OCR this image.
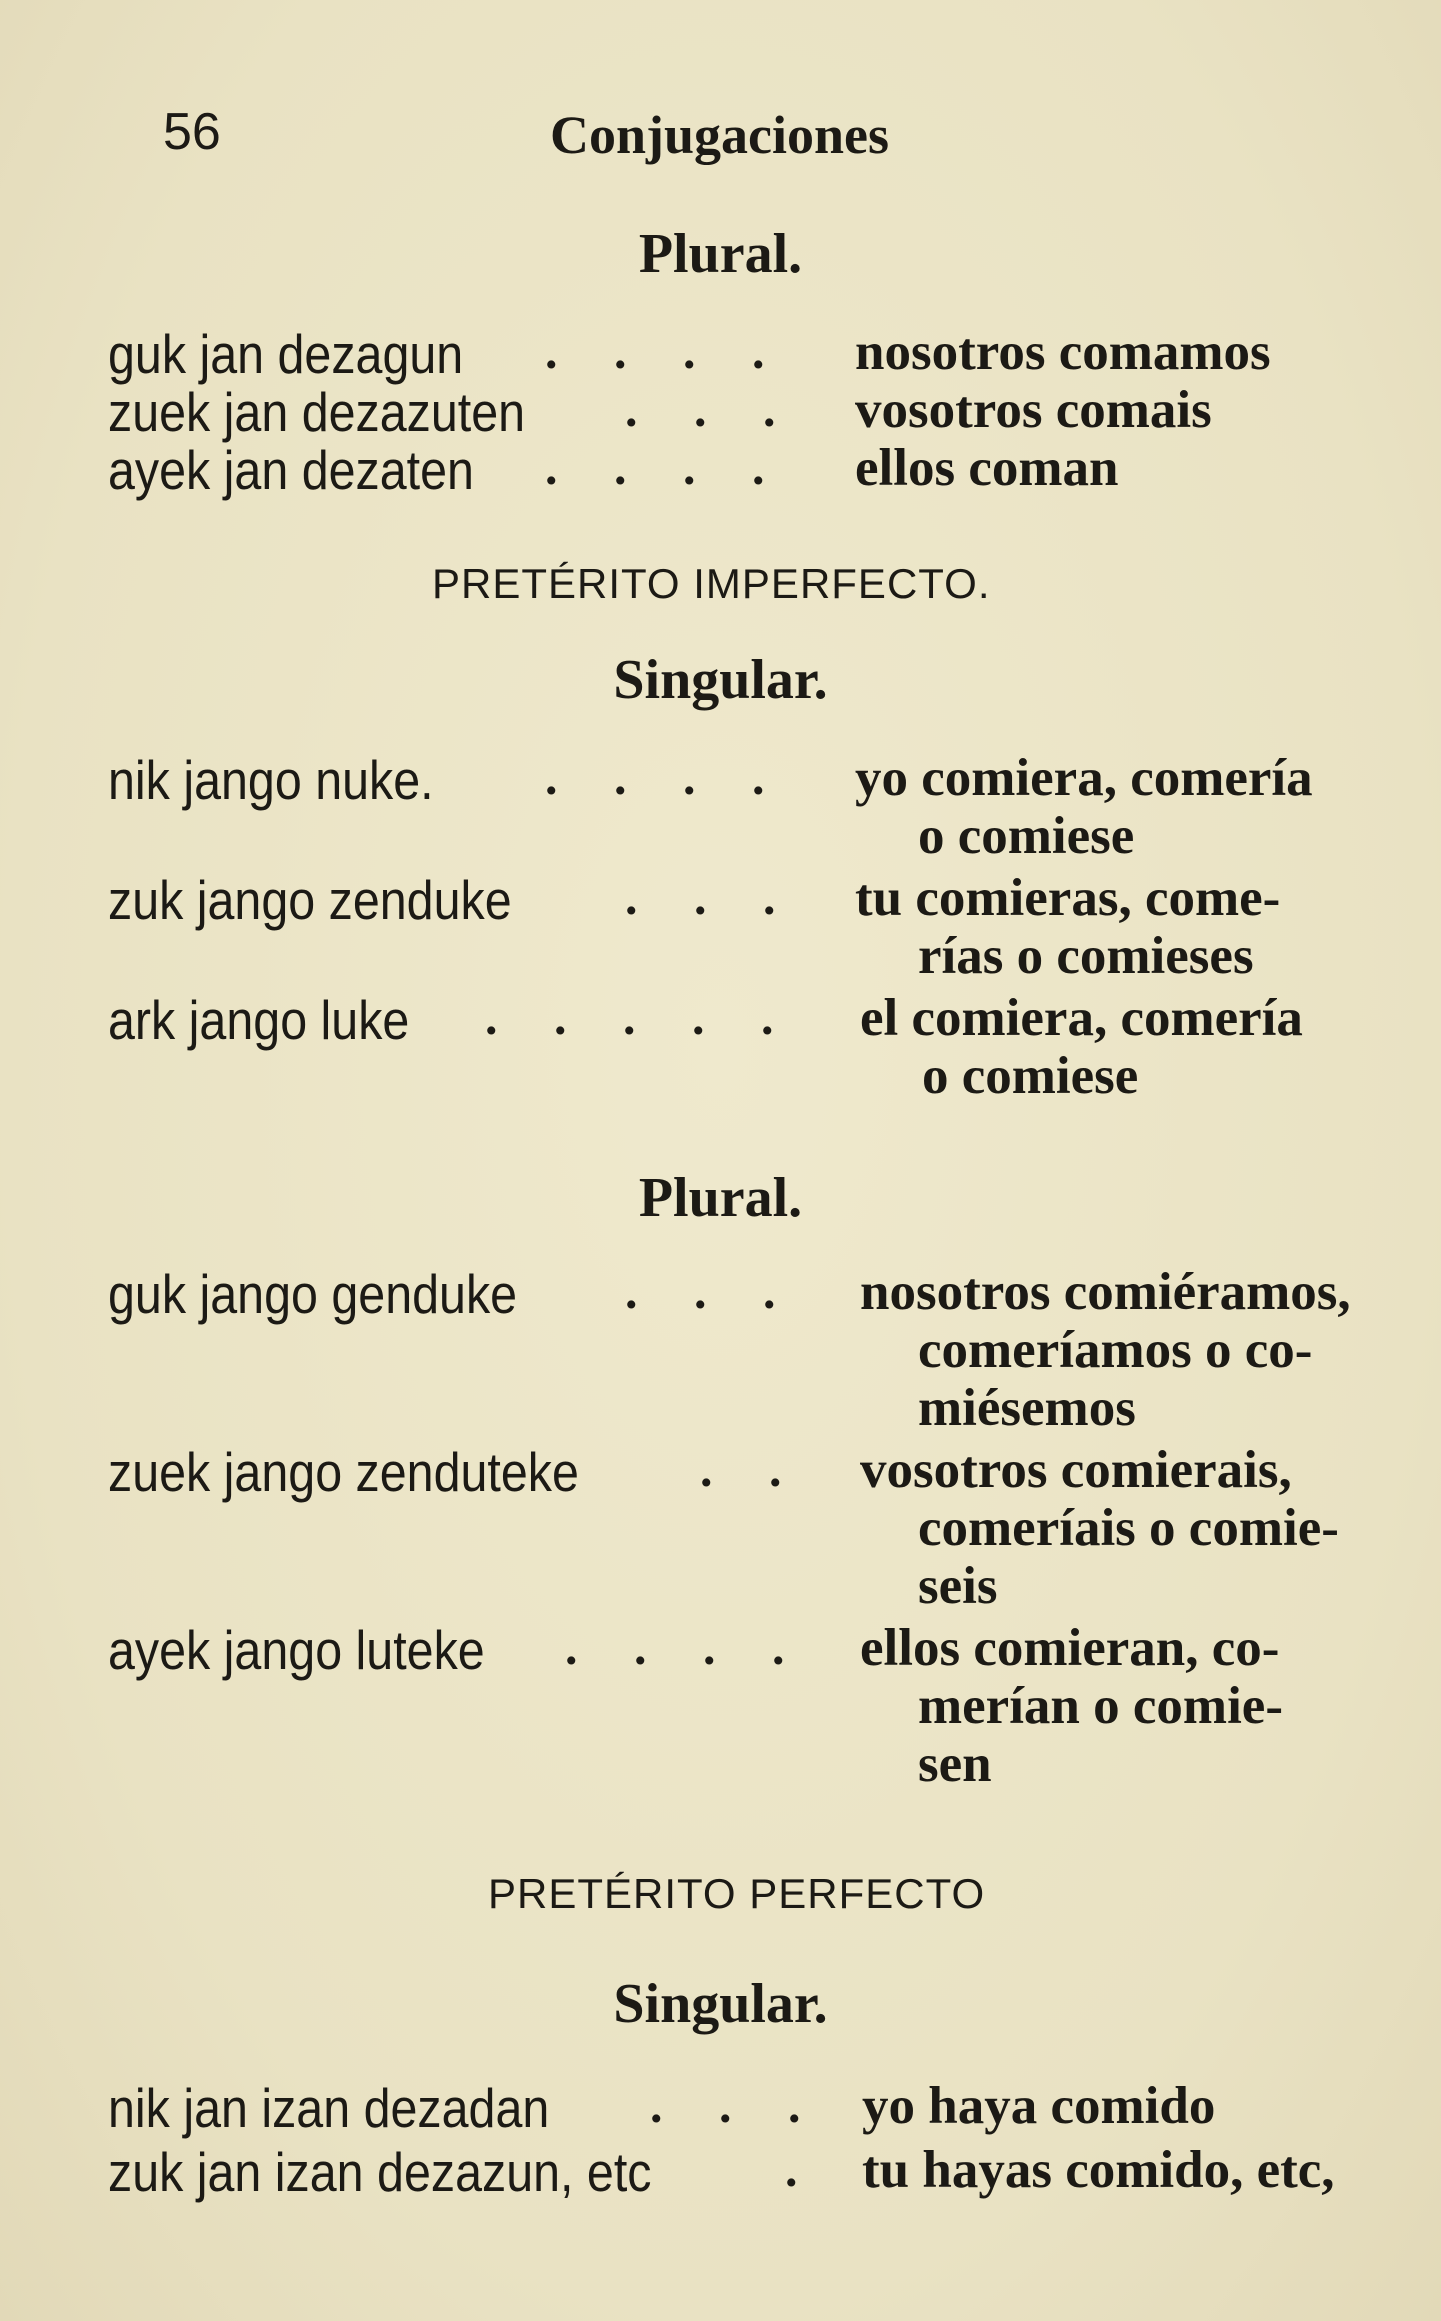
56	Conjugaciones
Plural.
guk jan dezagun . . . . nosotros comamos
zuek jan dezazuten . . . vosotros comais
ayek jan dezaten . . . . ellos coman
PRETÉRITO IMPERFECTO.
Singular.
nik jango nuke. . . . . yo comiera, comería
o comiese
zuk jango zenduke . . . tu comieras, come-
rías o comieses
ark jango luke . . . . . el comiera, comería
o comiese
Plural.
guk jango genduke . . . nosotros comiéramos,
comeríamos o co-
miésemos
zuek jango zenduteke . . vosotros comierais,
comeríais o comie-
seis
ayek jango luteke . . . . ellos comieran, co-
merían o comie-
sen
PRETÉRITO PERFECTO
Singular.
nik jan izan dezadan . . . yo haya comido
zuk jan izan dezazun, etc	. tu hayas comido, etc,
